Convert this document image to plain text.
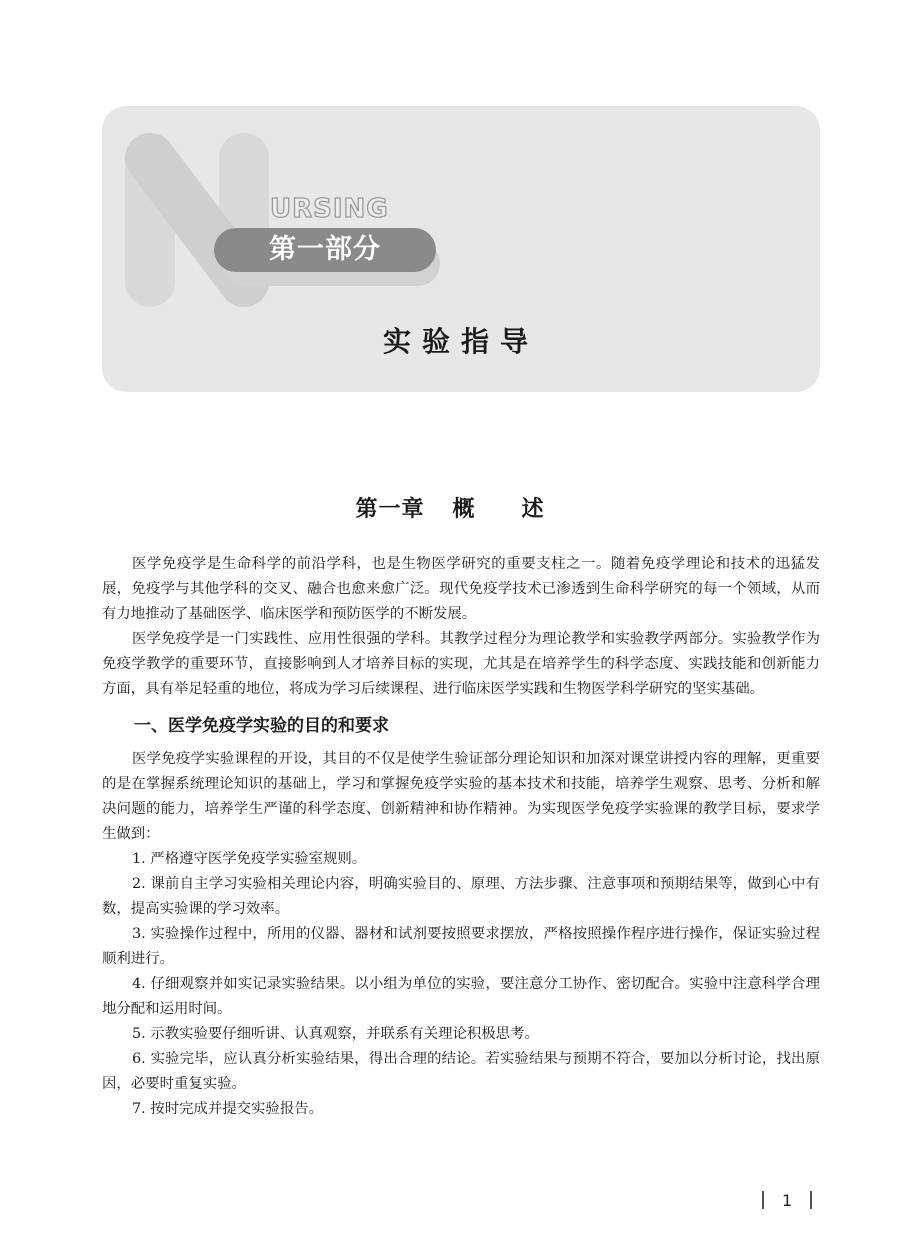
URSING
第一部分
实验指导
第一章 概 述

医学免疫学是生命科学的前沿学科，也是生物医学研究的重要支柱之一。随着免疫学理论和技术的迅猛发展，免疫学与其他学科的交叉、融合也愈来愈广泛。现代免疫学技术已渗透到生命科学研究的每一个领域，从而有力地推动了基础医学、临床医学和预防医学的不断发展。

医学免疫学是一门实践性、应用性很强的学科。其教学过程分为理论教学和实验教学两部分。实验教学作为免疫学教学的重要环节，直接影响到人才培养目标的实现，尤其是在培养学生的科学态度、实践技能和创新能力方面，具有举足轻重的地位，将成为学习后续课程、进行临床医学实践和生物医学科学研究的坚实基础。

一、医学免疫学实验的目的和要求

医学免疫学实验课程的开设，其目的不仅是使学生验证部分理论知识和加深对课堂讲授内容的理解，更重要的是在掌握系统理论知识的基础上，学习和掌握免疫学实验的基本技术和技能，培养学生观察、思考、分析和解决问题的能力，培养学生严谨的科学态度、创新精神和协作精神。为实现医学免疫学实验课的教学目标，要求学生做到：

1. 严格遵守医学免疫学实验室规则。

2. 课前自主学习实验相关理论内容，明确实验目的、原理、方法步骤、注意事项和预期结果等，做到心中有数，提高实验课的学习效率。

3. 实验操作过程中，所用的仪器、器材和试剂要按照要求摆放，严格按照操作程序进行操作，保证实验过程顺利进行。

4. 仔细观察并如实记录实验结果。以小组为单位的实验，要注意分工协作、密切配合。实验中注意科学合理地分配和运用时间。

5. 示教实验要仔细听讲、认真观察，并联系有关理论积极思考。

6. 实验完毕，应认真分析实验结果，得出合理的结论。若实验结果与预期不符合，要加以分析讨论，找出原因，必要时重复实验。

7. 按时完成并提交实验报告。

1
